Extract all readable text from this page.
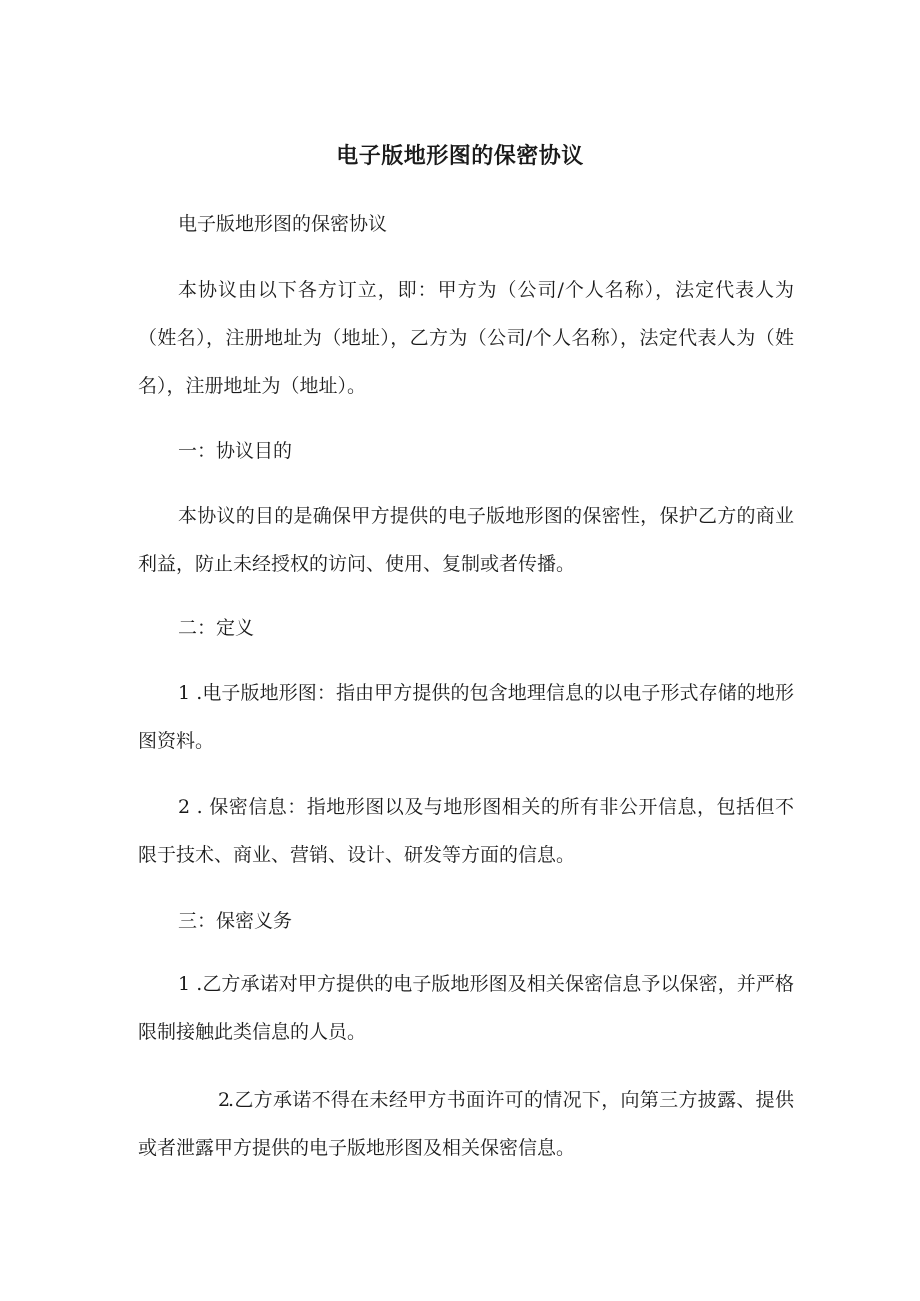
电子版地形图的保密协议

电子版地形图的保密协议

本协议由以下各方订立，即：甲方为（公司/个人名称），法定代表人为（姓名），注册地址为（地址），乙方为（公司/个人名称），法定代表人为（姓名），注册地址为（地址）。

一：协议目的

本协议的目的是确保甲方提供的电子版地形图的保密性，保护乙方的商业利益，防止未经授权的访问、使用、复制或者传播。

二：定义

1 .电子版地形图：指由甲方提供的包含地理信息的以电子形式存储的地形图资料。

2 . 保密信息：指地形图以及与地形图相关的所有非公开信息，包括但不限于技术、商业、营销、设计、研发等方面的信息。

三：保密义务

1 .乙方承诺对甲方提供的电子版地形图及相关保密信息予以保密，并严格限制接触此类信息的人员。

2.乙方承诺不得在未经甲方书面许可的情况下，向第三方披露、提供或者泄露甲方提供的电子版地形图及相关保密信息。
